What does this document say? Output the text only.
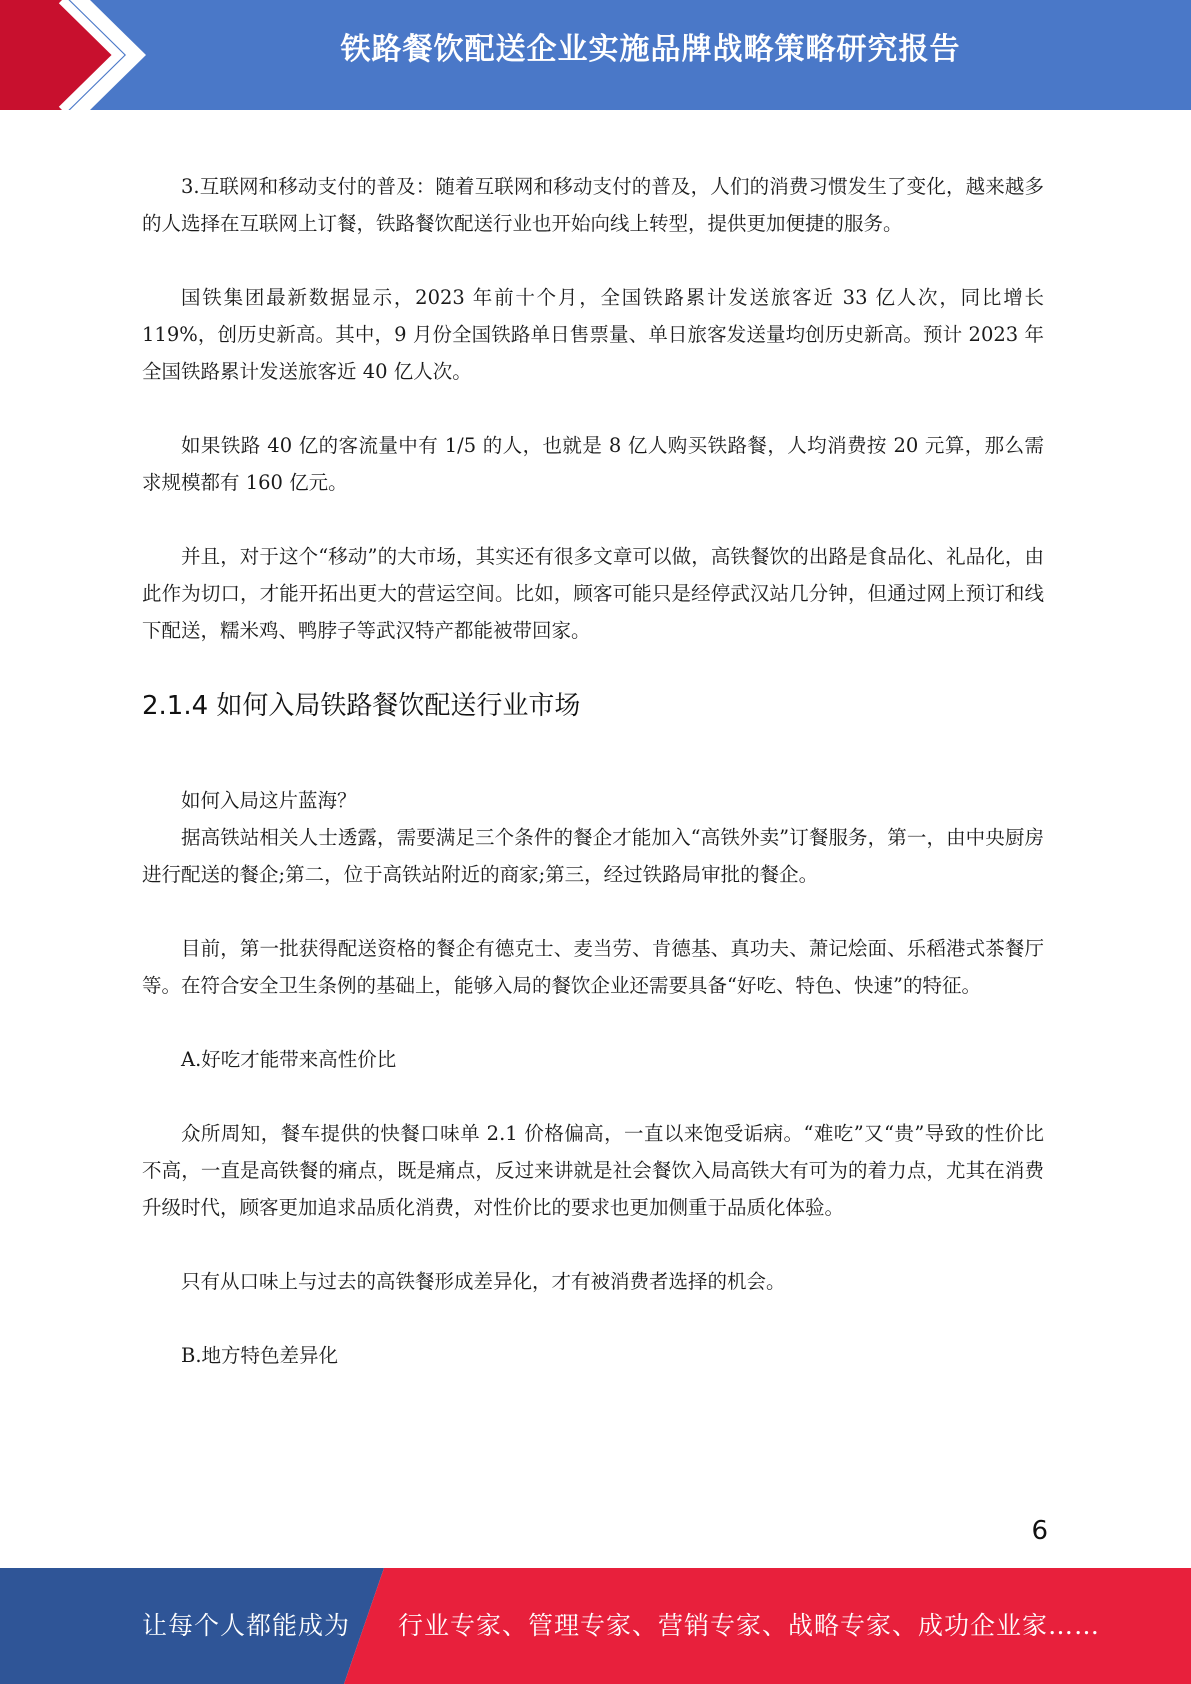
铁路餐饮配送企业实施品牌战略策略研究报告

3.互联网和移动支付的普及：随着互联网和移动支付的普及，人们的消费习惯发生了变化，越来越多的人选择在互联网上订餐，铁路餐饮配送行业也开始向线上转型，提供更加便捷的服务。

国铁集团最新数据显示，2023 年前十个月，全国铁路累计发送旅客近 33 亿人次，同比增长 119%，创历史新高。其中，9 月份全国铁路单日售票量、单日旅客发送量均创历史新高。预计 2023 年全国铁路累计发送旅客近 40 亿人次。

如果铁路 40 亿的客流量中有 1/5 的人，也就是 8 亿人购买铁路餐，人均消费按 20 元算，那么需求规模都有 160 亿元。

并且，对于这个“移动”的大市场，其实还有很多文章可以做，高铁餐饮的出路是食品化、礼品化，由此作为切口，才能开拓出更大的营运空间。比如，顾客可能只是经停武汉站几分钟，但通过网上预订和线下配送，糯米鸡、鸭脖子等武汉特产都能被带回家。

2.1.4 如何入局铁路餐饮配送行业市场

如何入局这片蓝海？

据高铁站相关人士透露，需要满足三个条件的餐企才能加入“高铁外卖”订餐服务，第一，由中央厨房进行配送的餐企;第二，位于高铁站附近的商家;第三，经过铁路局审批的餐企。

目前，第一批获得配送资格的餐企有德克士、麦当劳、肯德基、真功夫、萧记烩面、乐稻港式茶餐厅等。在符合安全卫生条例的基础上，能够入局的餐饮企业还需要具备“好吃、特色、快速”的特征。

A.好吃才能带来高性价比

众所周知，餐车提供的快餐口味单 2.1 价格偏高，一直以来饱受诟病。“难吃”又“贵”导致的性价比不高，一直是高铁餐的痛点，既是痛点，反过来讲就是社会餐饮入局高铁大有可为的着力点，尤其在消费升级时代，顾客更加追求品质化消费，对性价比的要求也更加侧重于品质化体验。

只有从口味上与过去的高铁餐形成差异化，才有被消费者选择的机会。

B.地方特色差异化

6
让每个人都能成为 行业专家、管理专家、营销专家、战略专家、成功企业家……
